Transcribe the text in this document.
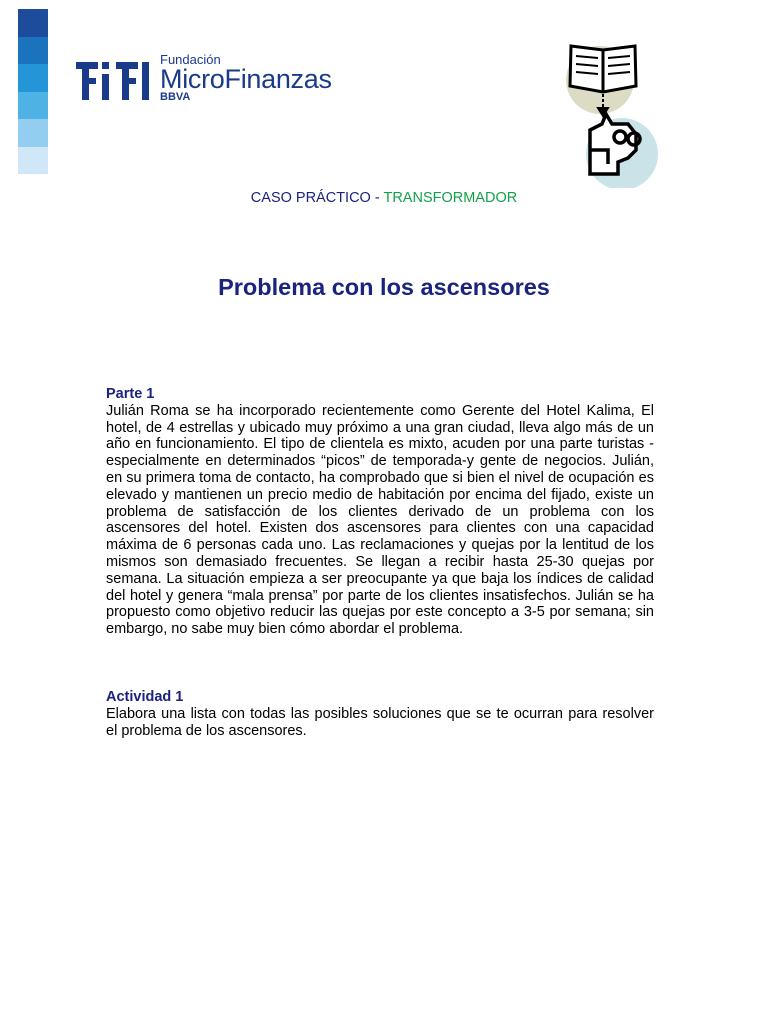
Fundación
MicroFinanzas
BBVA
CASO PRÁCTICO - TRANSFORMADOR
Problema con los ascensores
Parte 1
Julián Roma se ha incorporado recientemente como Gerente del Hotel Kalima, El hotel, de 4 estrellas y ubicado muy próximo a una gran ciudad, lleva algo más de un año en funcionamiento. El tipo de clientela es mixto, acuden por una parte turistas -especialmente en determinados “picos” de temporada-y gente de negocios. Julián, en su primera toma de contacto, ha comprobado que si bien el nivel de ocupación es elevado y mantienen un precio medio de habitación por encima del fijado, existe un problema de satisfacción de los clientes derivado de un problema con los ascensores del hotel. Existen dos ascensores para clientes con una capacidad máxima de 6 personas cada uno. Las reclamaciones y quejas por la lentitud de los mismos son demasiado frecuentes. Se llegan a recibir hasta 25-30 quejas por semana. La situación empieza a ser preocupante ya que baja los índices de calidad del hotel y genera “mala prensa” por parte de los clientes insatisfechos. Julián se ha propuesto como objetivo reducir las quejas por este concepto a 3-5 por semana; sin embargo, no sabe muy bien cómo abordar el problema.
Actividad 1
Elabora una lista con todas las posibles soluciones que se te ocurran para resolver el problema de los ascensores.
